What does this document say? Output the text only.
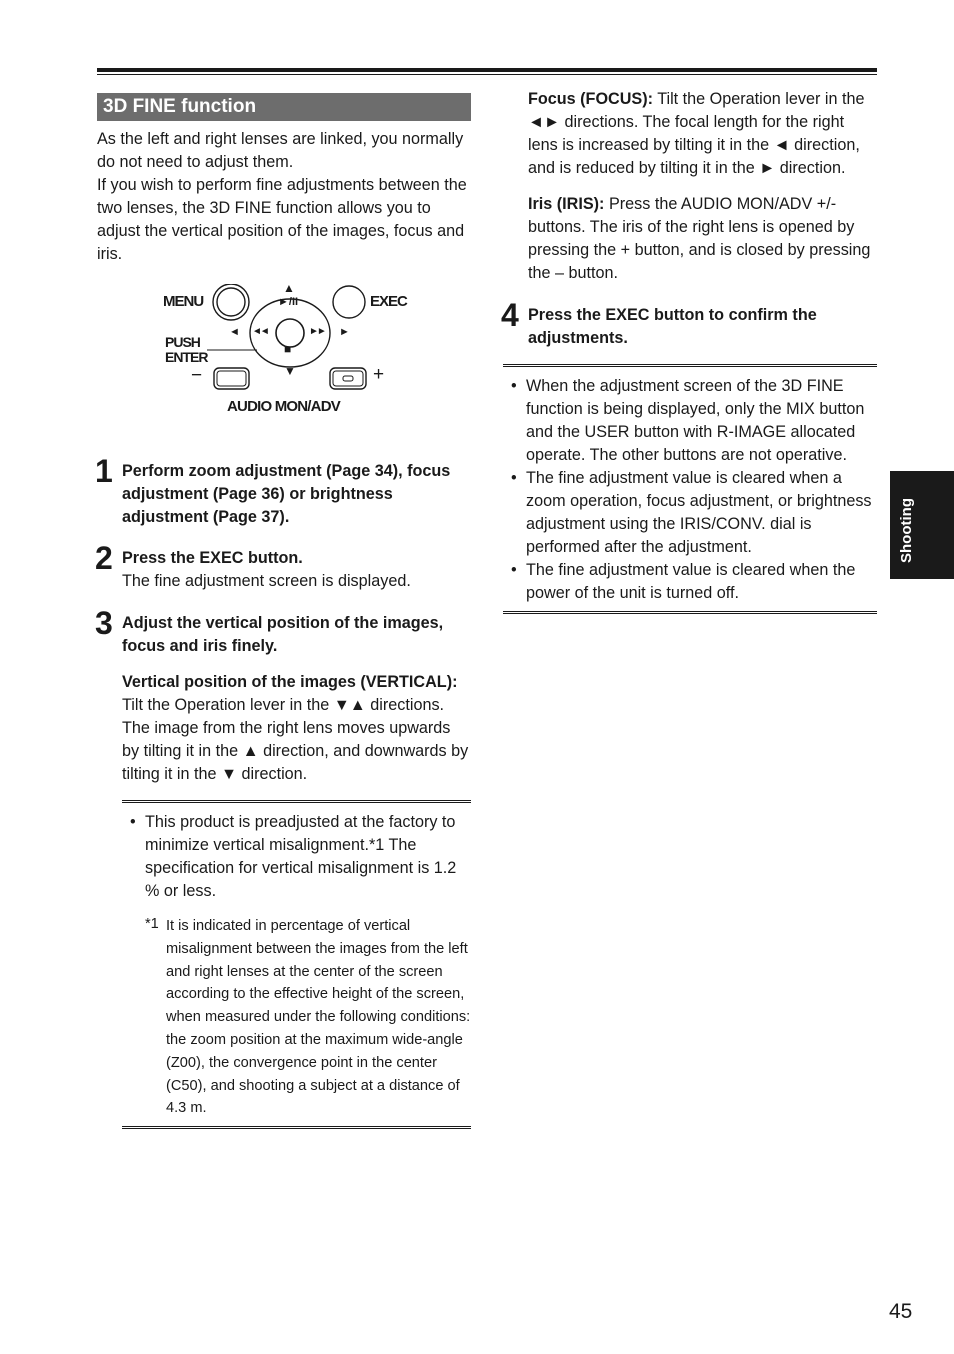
3D FINE function

As the left and right lenses are linked, you normally do not need to adjust them.

If you wish to perform fine adjustments between the two lenses, the 3D FINE function allows you to adjust the vertical position of the images, focus and iris.

MENU	EXEC
PUSH
ENTER
▲
►/II
◄ ◄◄	►► ►
■
▼
−	+
AUDIO MON/ADV
1 Perform zoom adjustment (Page 34), focus adjustment (Page 36) or brightness adjustment (Page 37).
2 Press the EXEC button.

The fine adjustment screen is displayed.

3 Adjust the vertical position of the images, focus and iris finely.

Vertical position of the images (VERTICAL): Tilt the Operation lever in the ▼▲ directions. The image from the right lens moves upwards by tilting it in the ▲ direction, and downwards by tilting it in the ▼ direction.

• This product is preadjusted at the factory to minimize vertical misalignment.*1 The specification for vertical misalignment is 1.2 % or less.
*1 It is indicated in percentage of vertical misalignment between the images from the left and right lenses at the center of the screen according to the effective height of the screen, when measured under the following conditions: the zoom position at the maximum wide-angle (Z00), the convergence point in the center (C50), and shooting a subject at a distance of 4.3 m.

Focus (FOCUS): Tilt the Operation lever in the ◄► directions. The focal length for the right lens is increased by tilting it in the ◄ direction, and is reduced by tilting it in the ► direction.

Iris (IRIS): Press the AUDIO MON/ADV +/- buttons. The iris of the right lens is opened by pressing the + button, and is closed by pressing the – button.

4 Press the EXEC button to confirm the adjustments.
• When the adjustment screen of the 3D FINE function is being displayed, only the MIX button and the USER button with R-IMAGE allocated operate. The other buttons are not operative.
• The fine adjustment value is cleared when a zoom operation, focus adjustment, or brightness adjustment using the IRIS/CONV. dial is performed after the adjustment.
• The fine adjustment value is cleared when the power of the unit is turned off.
Shooting
45
